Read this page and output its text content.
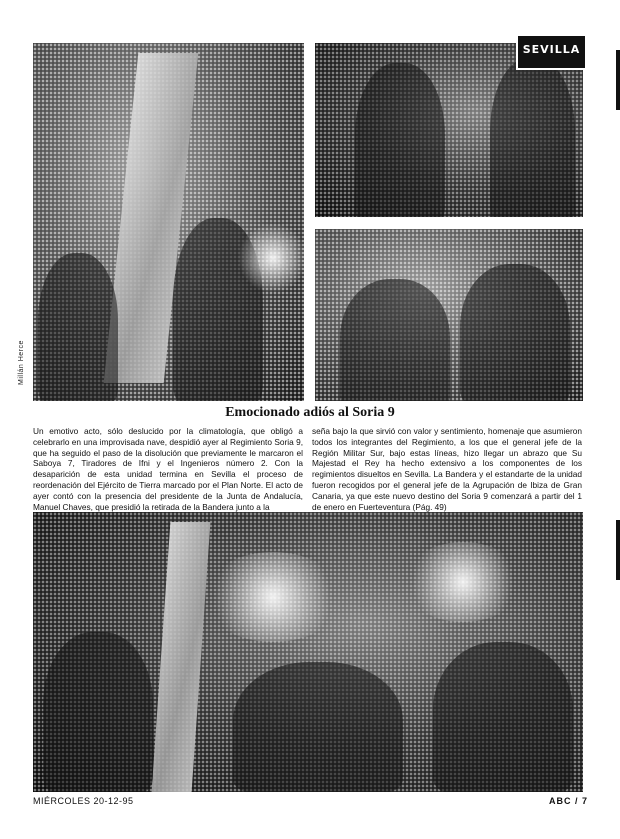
SEVILLA
Millán Herce
Emocionado adiós al Soria 9
Un emotivo acto, sólo deslucido por la climatología, que obligó a celebrarlo en una improvisada nave, despidió ayer al Regimiento Soria 9, que ha seguido el paso de la disolución que previamente le marcaron el Saboya 7, Tiradores de Ifni y el Ingenieros número 2. Con la desaparición de esta unidad termina en Sevilla el proceso de reordenación del Ejército de Tierra marcado por el Plan Norte. El acto de ayer contó con la presencia del presidente de la Junta de Andalucía, Manuel Chaves, que presidió la retirada de la Bandera junto a la
seña bajo la que sirvió con valor y sentimiento, homenaje que asumieron todos los integrantes del Regimiento, a los que el general jefe de la Región Militar Sur, bajo estas líneas, hizo llegar un abrazo que Su Majestad el Rey ha hecho extensivo a los componentes de los regimientos disueltos en Sevilla. La Bandera y el estandarte de la unidad fueron recogidos por el general jefe de la Agrupación de Ibiza de Gran Canaria, ya que este nuevo destino del Soria 9 comenzará a partir del 1 de enero en Fuerteventura (Pág. 49)
MIÉRCOLES 20-12-95	ABC / 7
